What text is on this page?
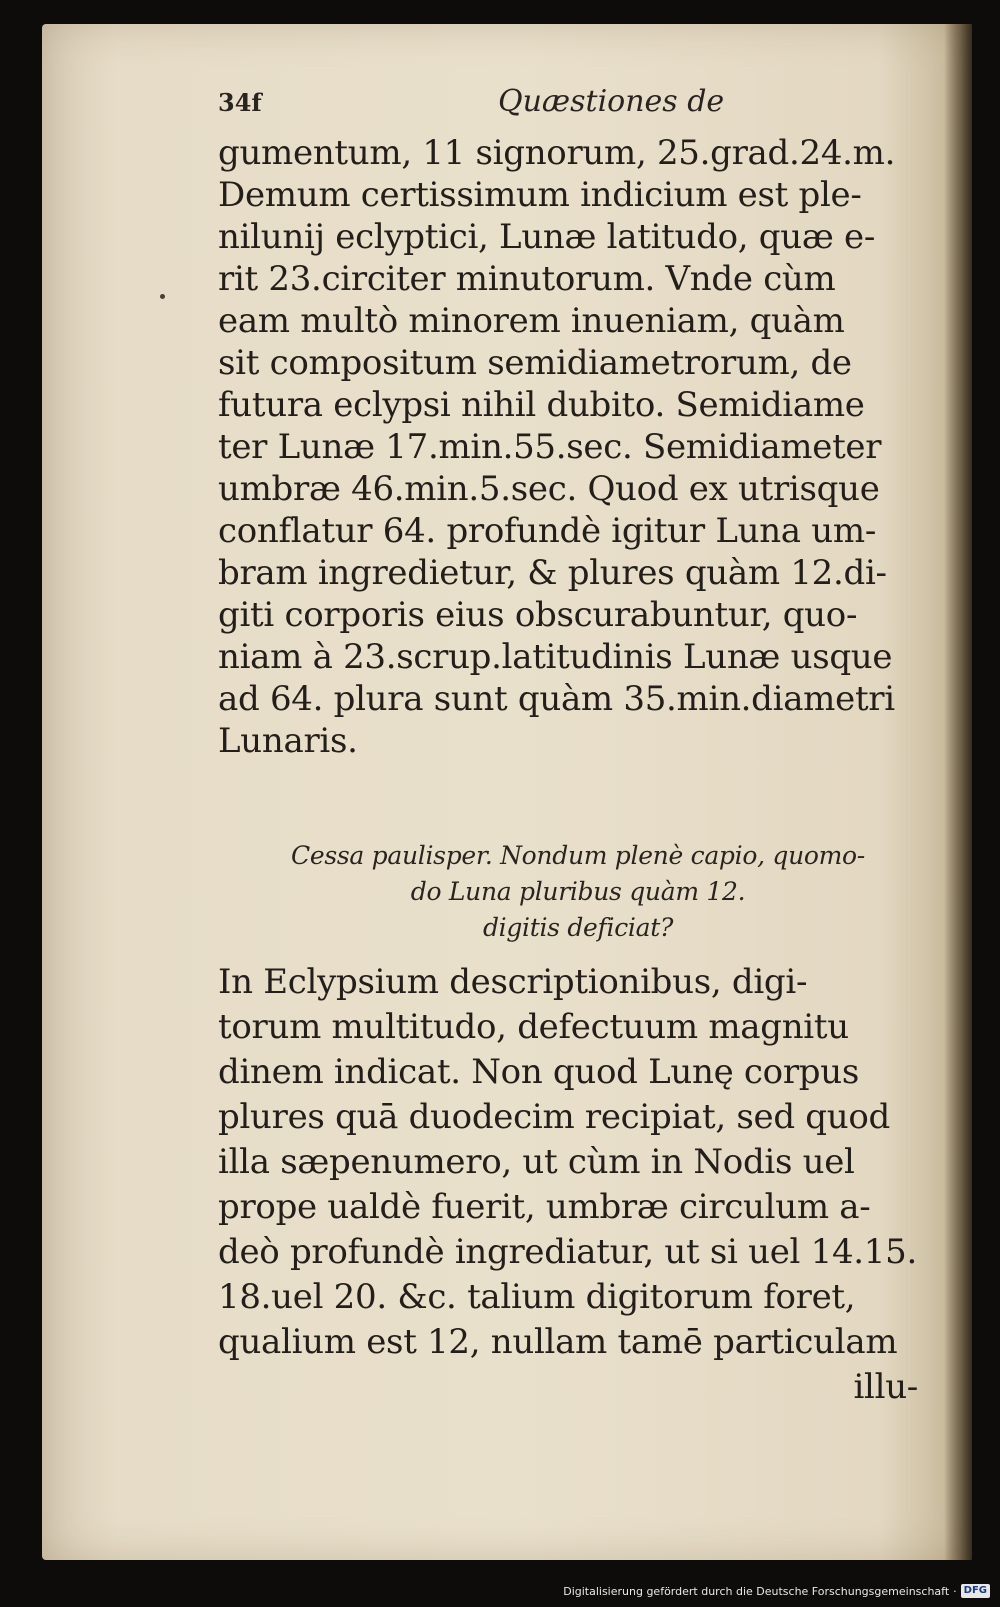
34f	Quæstiones de
gumentum, 11 signorum, 25.grad.24.m.
Demum certissimum indicium est ple-
nilunij eclyptici, Lunæ latitudo, quæ e-
rit 23.circiter minutorum. Vnde cùm
eam multò minorem inueniam, quàm
sit compositum semidiametrorum, de
futura eclypsi nihil dubito. Semidiame
ter Lunæ 17.min.55.sec. Semidiameter
umbræ 46.min.5.sec. Quod ex utrisque
conflatur 64. profundè igitur Luna um-
bram ingredietur, & plures quàm 12.di-
giti corporis eius obscurabuntur, quo-
niam à 23.scrup.latitudinis Lunæ usque
ad 64. plura sunt quàm 35.min.diametri
Lunaris.
Cessa paulisper. Nondum plenè capio, quomo-
do Luna pluribus quàm 12.
digitis deficiat?
In Eclypsium descriptionibus, digi-
torum multitudo, defectuum magnitu
dinem indicat. Non quod Lunę corpus
plures quā duodecim recipiat, sed quod
illa sæpenumero, ut cùm in Nodis uel
prope ualdè fuerit, umbræ circulum a-
deò profundè ingrediatur, ut si uel 14.15.
18.uel 20. &c. talium digitorum foret,
qualium est 12, nullam tamē particulam
illu-
Digitalisierung gefördert durch die Deutsche Forschungsgemeinschaft · DFG
